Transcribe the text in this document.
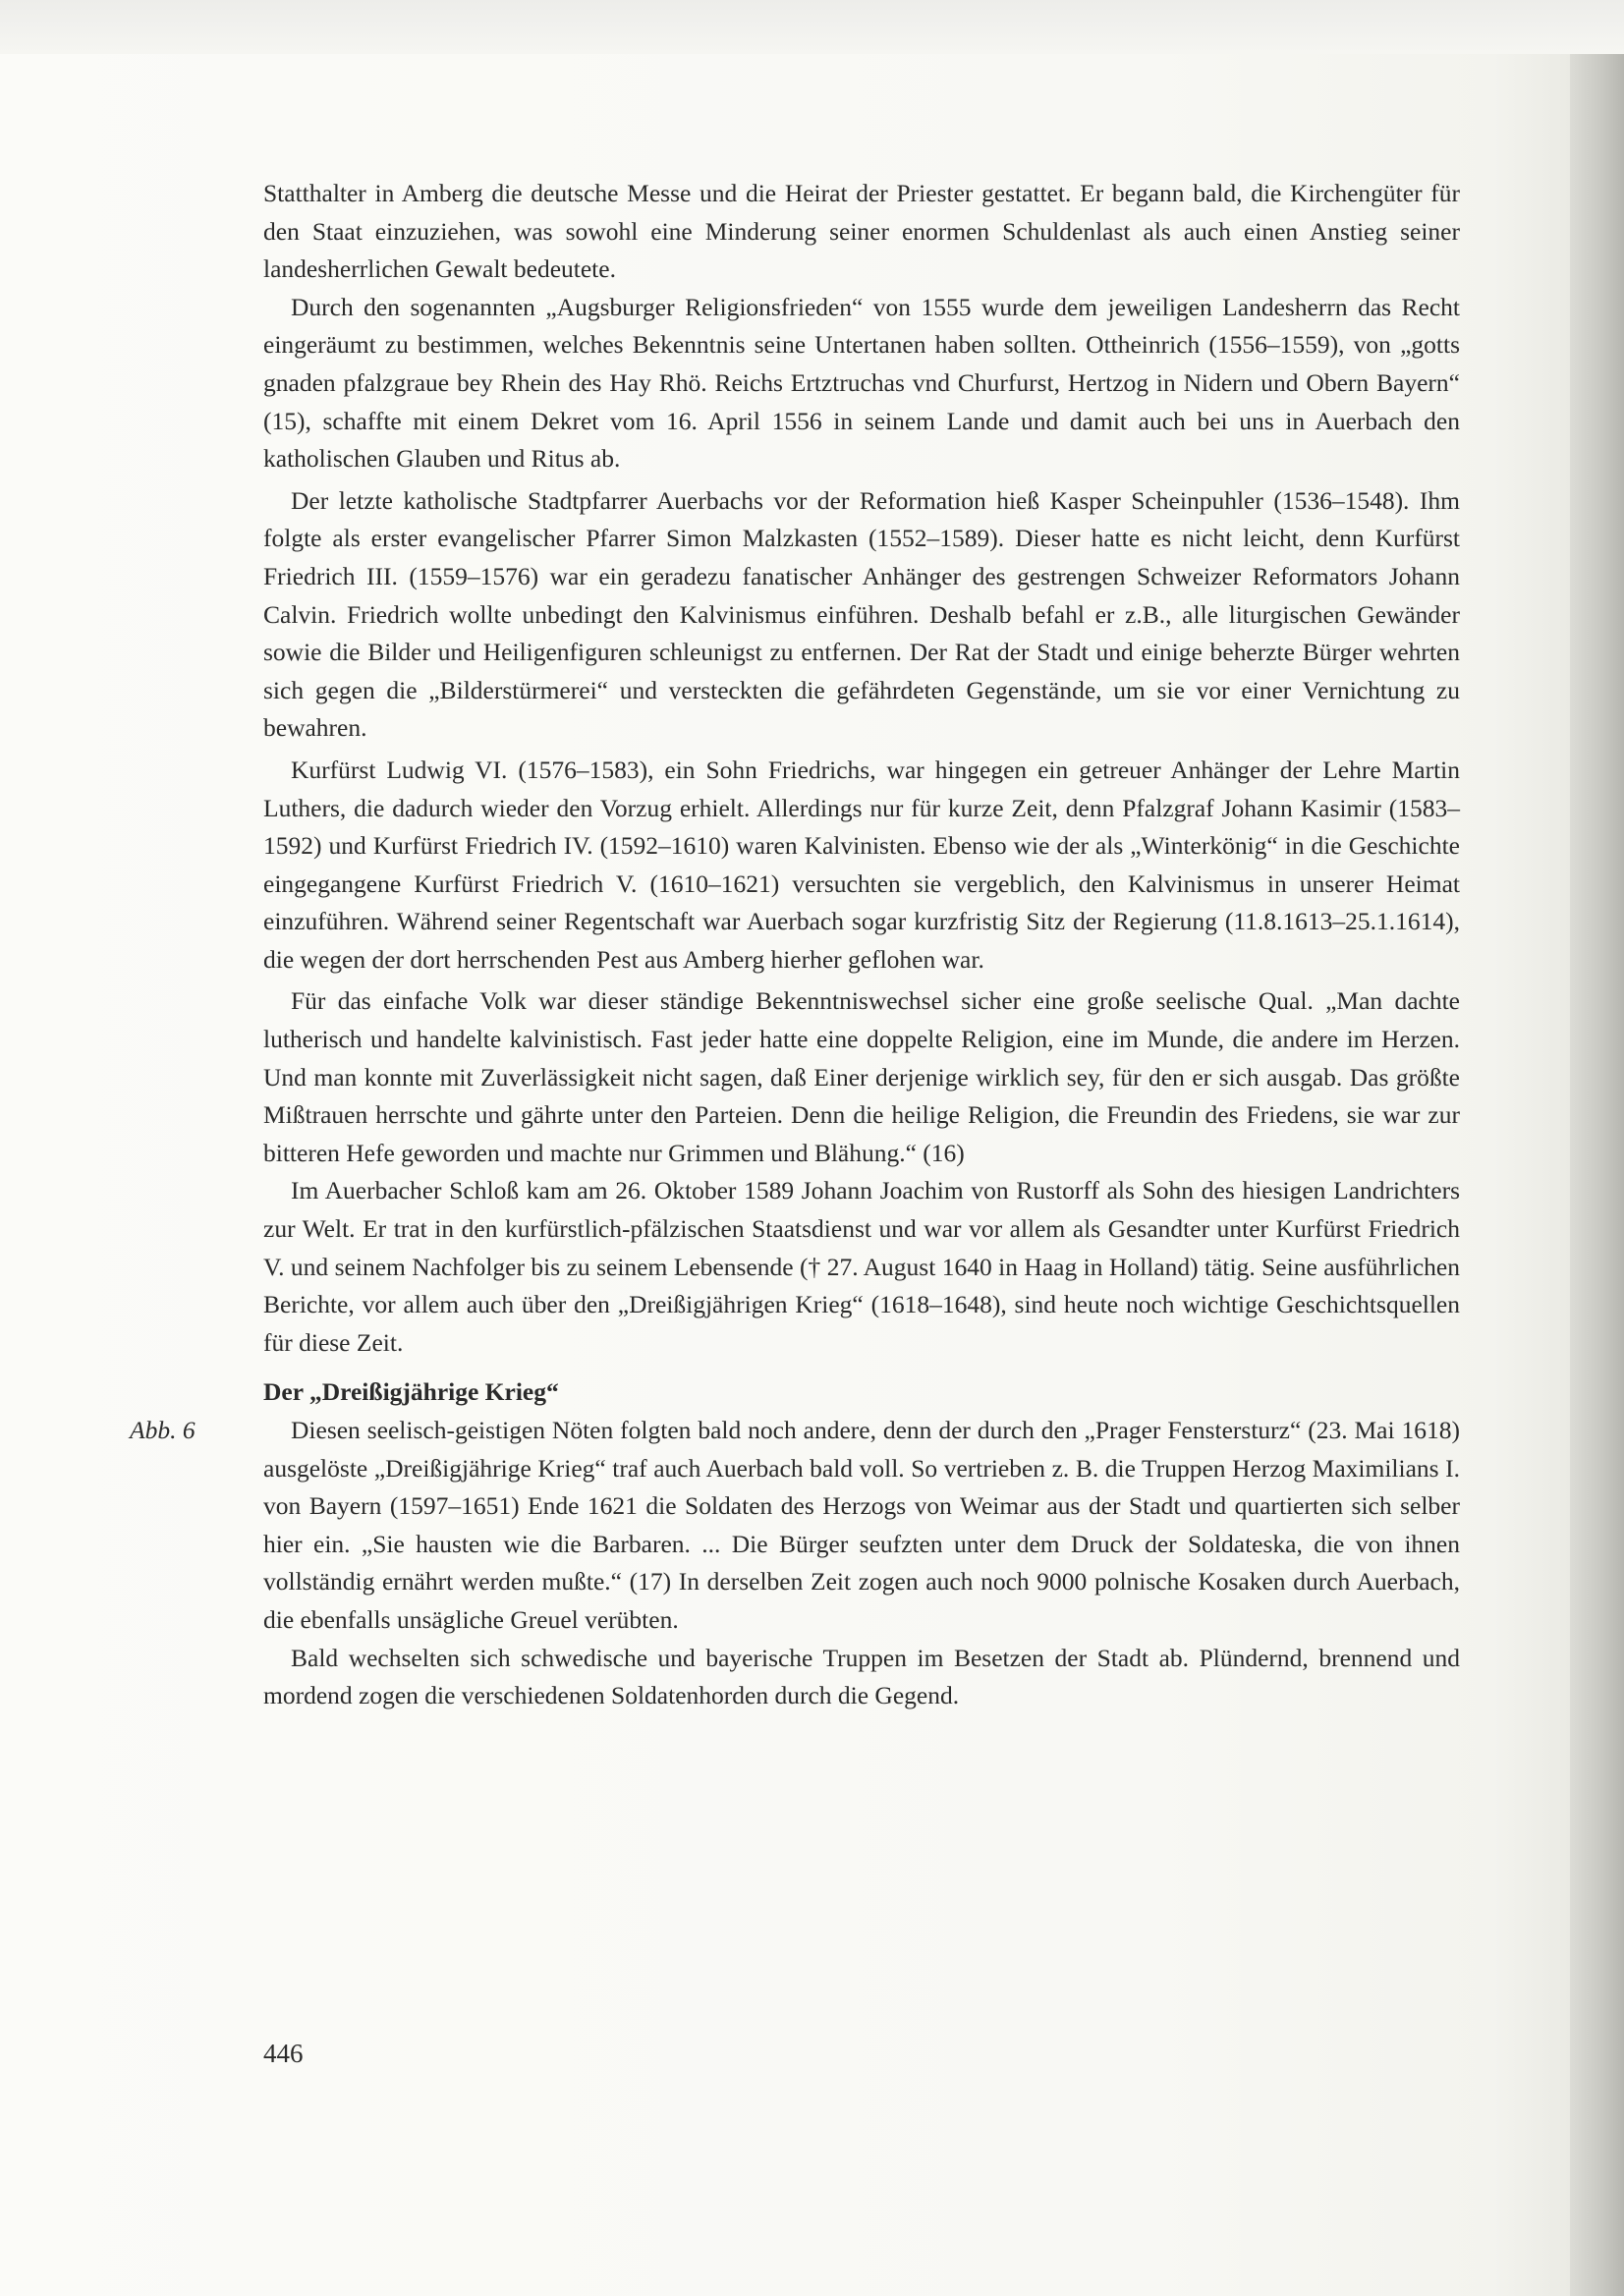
Statthalter in Amberg die deutsche Messe und die Heirat der Priester gestattet. Er begann bald, die Kirchengüter für den Staat einzuziehen, was sowohl eine Minderung seiner enormen Schuldenlast als auch einen Anstieg seiner landesherrlichen Gewalt bedeutete.

Durch den sogenannten „Augsburger Religionsfrieden“ von 1555 wurde dem jeweiligen Landesherrn das Recht eingeräumt zu bestimmen, welches Bekenntnis seine Untertanen haben sollten. Ottheinrich (1556–1559), von „gotts gnaden pfalzgraue bey Rhein des Hay Rhö. Reichs Ertztruchas vnd Churfurst, Hertzog in Nidern und Obern Bayern“ (15), schaffte mit einem Dekret vom 16. April 1556 in seinem Lande und damit auch bei uns in Auerbach den katholischen Glauben und Ritus ab.

Der letzte katholische Stadtpfarrer Auerbachs vor der Reformation hieß Kasper Scheinpuhler (1536–1548). Ihm folgte als erster evangelischer Pfarrer Simon Malzkasten (1552–1589). Dieser hatte es nicht leicht, denn Kurfürst Friedrich III. (1559–1576) war ein geradezu fanatischer Anhänger des gestrengen Schweizer Reformators Johann Calvin. Friedrich wollte unbedingt den Kalvinismus einführen. Deshalb befahl er z.B., alle liturgischen Gewänder sowie die Bilder und Heiligenfiguren schleunigst zu entfernen. Der Rat der Stadt und einige beherzte Bürger wehrten sich gegen die „Bilderstürmerei“ und versteckten die gefährdeten Gegenstände, um sie vor einer Vernichtung zu bewahren.

Kurfürst Ludwig VI. (1576–1583), ein Sohn Friedrichs, war hingegen ein getreuer Anhänger der Lehre Martin Luthers, die dadurch wieder den Vorzug erhielt. Allerdings nur für kurze Zeit, denn Pfalzgraf Johann Kasimir (1583–1592) und Kurfürst Friedrich IV. (1592–1610) waren Kalvinisten. Ebenso wie der als „Winterkönig“ in die Geschichte eingegangene Kurfürst Friedrich V. (1610–1621) versuchten sie vergeblich, den Kalvinismus in unserer Heimat einzuführen. Während seiner Regentschaft war Auerbach sogar kurzfristig Sitz der Regierung (11.8.1613–25.1.1614), die wegen der dort herrschenden Pest aus Amberg hierher geflohen war.

Für das einfache Volk war dieser ständige Bekenntniswechsel sicher eine große seelische Qual. „Man dachte lutherisch und handelte kalvinistisch. Fast jeder hatte eine doppelte Religion, eine im Munde, die andere im Herzen. Und man konnte mit Zuverlässigkeit nicht sagen, daß Einer derjenige wirklich sey, für den er sich ausgab. Das größte Mißtrauen herrschte und gährte unter den Parteien. Denn die heilige Religion, die Freundin des Friedens, sie war zur bitteren Hefe geworden und machte nur Grimmen und Blähung.“ (16)

Im Auerbacher Schloß kam am 26. Oktober 1589 Johann Joachim von Rustorff als Sohn des hiesigen Landrichters zur Welt. Er trat in den kurfürstlich-pfälzischen Staatsdienst und war vor allem als Gesandter unter Kurfürst Friedrich V. und seinem Nachfolger bis zu seinem Lebensende († 27. August 1640 in Haag in Holland) tätig. Seine ausführlichen Berichte, vor allem auch über den „Dreißigjährigen Krieg“ (1618–1648), sind heute noch wichtige Geschichtsquellen für diese Zeit.

Der „Dreißigjährige Krieg“
Abb. 6	Diesen seelisch-geistigen Nöten folgten bald noch andere, denn der durch den „Prager Fenstersturz“ (23. Mai 1618) ausgelöste „Dreißigjährige Krieg“ traf auch Auerbach bald voll. So vertrieben z. B. die Truppen Herzog Maximilians I. von Bayern (1597–1651) Ende 1621 die Soldaten des Herzogs von Weimar aus der Stadt und quartierten sich selber hier ein. „Sie hausten wie die Barbaren. ... Die Bürger seufzten unter dem Druck der Soldateska, die von ihnen vollständig ernährt werden mußte.“ (17) In derselben Zeit zogen auch noch 9000 polnische Kosaken durch Auerbach, die ebenfalls unsägliche Greuel verübten.

Bald wechselten sich schwedische und bayerische Truppen im Besetzen der Stadt ab. Plündernd, brennend und mordend zogen die verschiedenen Soldatenhorden durch die Gegend.

446
